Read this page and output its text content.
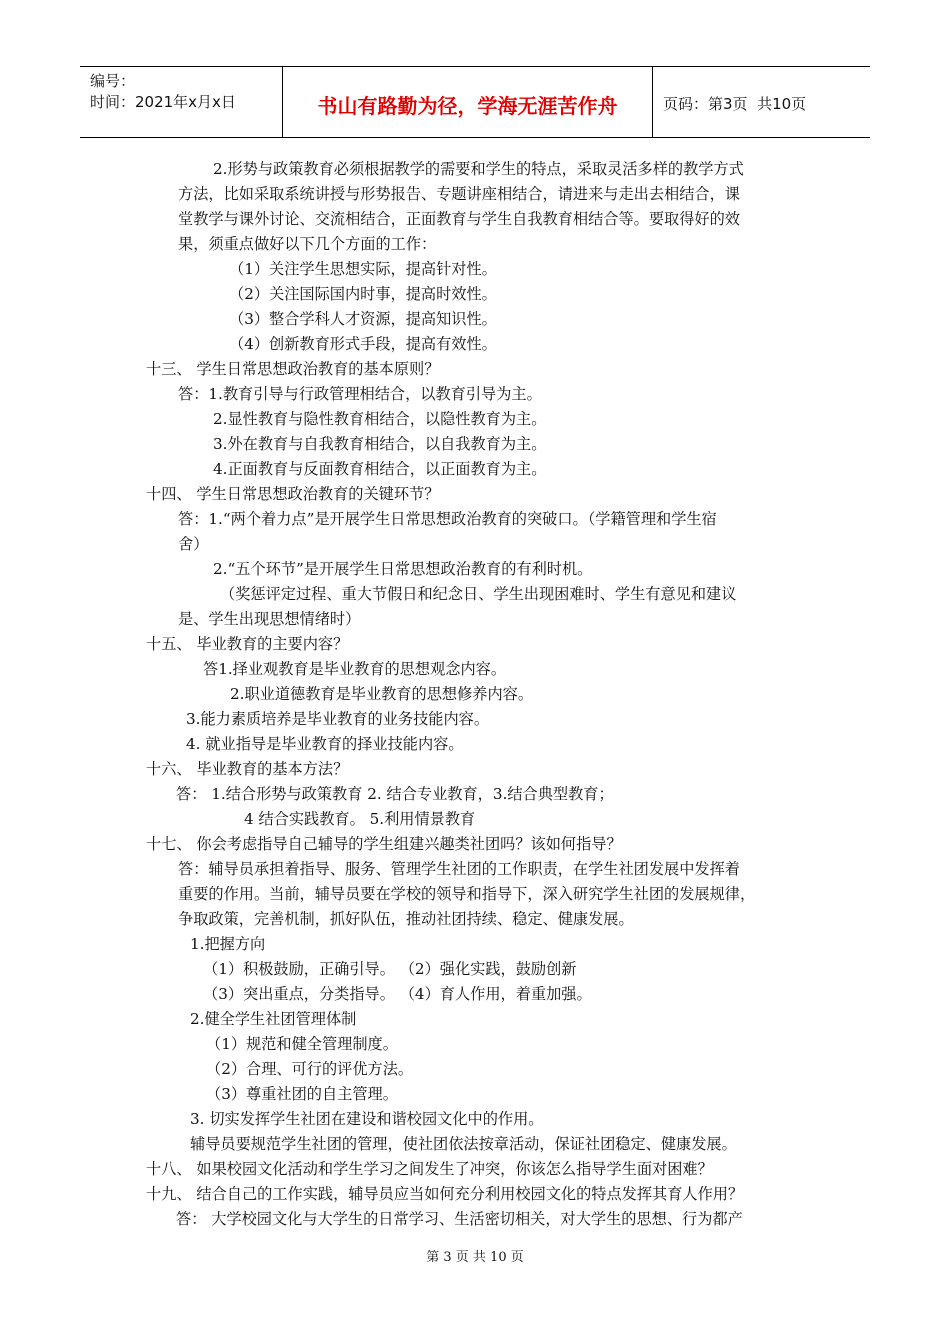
编号：
时间：2021年x月x日	书山有路勤为径，学海无涯苦作舟	页码：第3页  共10页
2.形势与政策教育必须根据教学的需要和学生的特点，采取灵活多样的教学方式
方法，比如采取系统讲授与形势报告、专题讲座相结合，请进来与走出去相结合，课
堂教学与课外讨论、交流相结合，正面教育与学生自我教育相结合等。要取得好的效
果，须重点做好以下几个方面的工作：
（1）关注学生思想实际，提高针对性。
（2）关注国际国内时事，提高时效性。
（3）整合学科人才资源，提高知识性。
（4）创新教育形式手段，提高有效性。
十三、 学生日常思想政治教育的基本原则？
答：1.教育引导与行政管理相结合，以教育引导为主。
2.显性教育与隐性教育相结合，以隐性教育为主。
3.外在教育与自我教育相结合，以自我教育为主。
4.正面教育与反面教育相结合，以正面教育为主。
十四、 学生日常思想政治教育的关键环节？
答：1.“两个着力点”是开展学生日常思想政治教育的突破口。（学籍管理和学生宿
舍）
2.“五个环节”是开展学生日常思想政治教育的有利时机。
（奖惩评定过程、重大节假日和纪念日、学生出现困难时、学生有意见和建议
是、学生出现思想情绪时）
十五、 毕业教育的主要内容？
答1.择业观教育是毕业教育的思想观念内容。
2.职业道德教育是毕业教育的思想修养内容。
3.能力素质培养是毕业教育的业务技能内容。
4. 就业指导是毕业教育的择业技能内容。
十六、 毕业教育的基本方法？
答： 1.结合形势与政策教育 2. 结合专业教育，3.结合典型教育；
4 结合实践教育。 5.利用情景教育
十七、 你会考虑指导自己辅导的学生组建兴趣类社团吗？该如何指导？
答：辅导员承担着指导、服务、管理学生社团的工作职责，在学生社团发展中发挥着
重要的作用。当前，辅导员要在学校的领导和指导下，深入研究学生社团的发展规律，
争取政策，完善机制，抓好队伍，推动社团持续、稳定、健康发展。
1.把握方向
（1）积极鼓励，正确引导。 （2）强化实践，鼓励创新
（3）突出重点，分类指导。 （4）育人作用，着重加强。
2.健全学生社团管理体制
（1）规范和健全管理制度。
（2）合理、可行的评优方法。
（3）尊重社团的自主管理。
3. 切实发挥学生社团在建设和谐校园文化中的作用。
辅导员要规范学生社团的管理，使社团依法按章活动，保证社团稳定、健康发展。
十八、 如果校园文化活动和学生学习之间发生了冲突，你该怎么指导学生面对困难？
十九、 结合自己的工作实践，辅导员应当如何充分利用校园文化的特点发挥其育人作用？
答： 大学校园文化与大学生的日常学习、生活密切相关，对大学生的思想、行为都产
第 3 页 共 10 页
